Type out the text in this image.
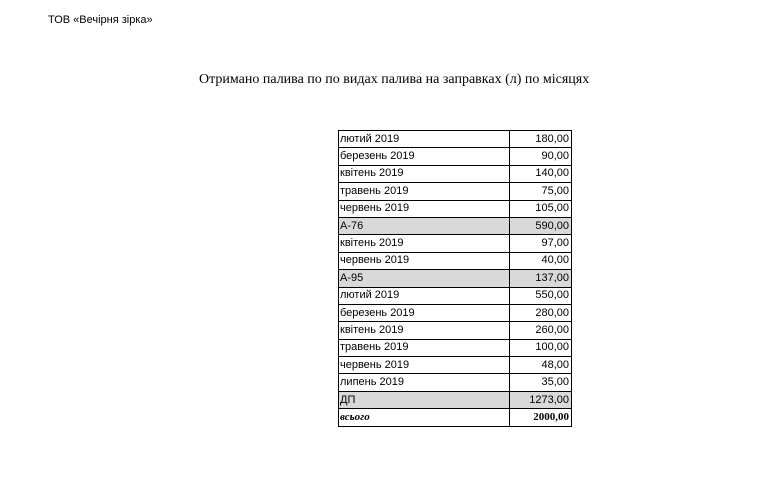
ТОВ «Вечірня зірка»
Отримано палива по по видах палива на заправках (л) по місяцях
лютий 2019	180,00
березень 2019	90,00
квітень 2019	140,00
травень 2019	75,00
червень 2019	105,00
А-76	590,00
квітень 2019	97,00
червень 2019	40,00
А-95	137,00
лютий 2019	550,00
березень 2019	280,00
квітень 2019	260,00
травень 2019	100,00
червень 2019	48,00
липень 2019	35,00
ДП	1273,00
всього	2000,00
